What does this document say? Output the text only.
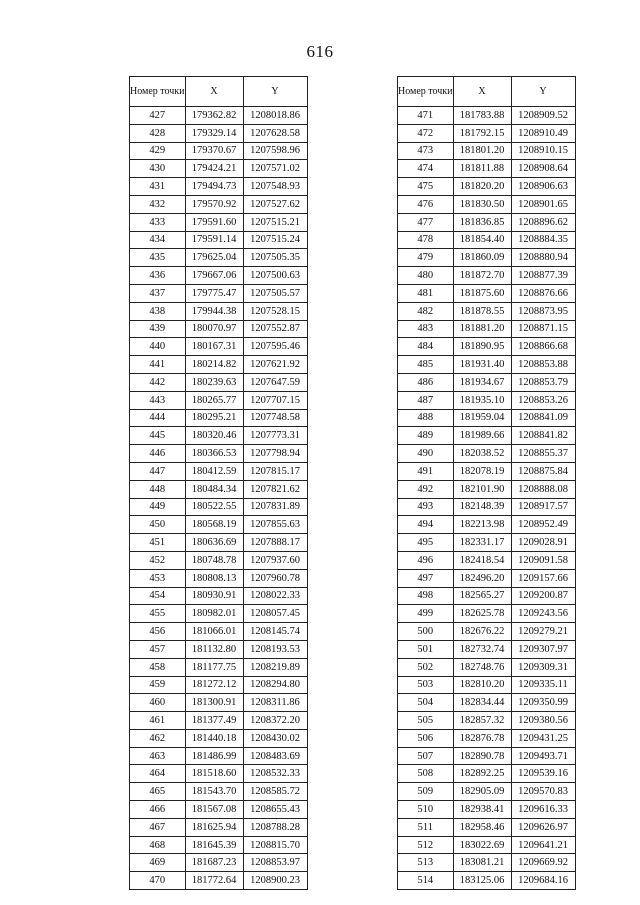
616
Номер точки	X	Y
427	179362.82	1208018.86
428	179329.14	1207628.58
429	179370.67	1207598.96
430	179424.21	1207571.02
431	179494.73	1207548.93
432	179570.92	1207527.62
433	179591.60	1207515.21
434	179591.14	1207515.24
435	179625.04	1207505.35
436	179667.06	1207500.63
437	179775.47	1207505.57
438	179944.38	1207528.15
439	180070.97	1207552.87
440	180167.31	1207595.46
441	180214.82	1207621.92
442	180239.63	1207647.59
443	180265.77	1207707.15
444	180295.21	1207748.58
445	180320.46	1207773.31
446	180366.53	1207798.94
447	180412.59	1207815.17
448	180484.34	1207821.62
449	180522.55	1207831.89
450	180568.19	1207855.63
451	180636.69	1207888.17
452	180748.78	1207937.60
453	180808.13	1207960.78
454	180930.91	1208022.33
455	180982.01	1208057.45
456	181066.01	1208145.74
457	181132.80	1208193.53
458	181177.75	1208219.89
459	181272.12	1208294.80
460	181300.91	1208311.86
461	181377.49	1208372.20
462	181440.18	1208430.02
463	181486.99	1208483.69
464	181518.60	1208532.33
465	181543.70	1208585.72
466	181567.08	1208655.43
467	181625.94	1208788.28
468	181645.39	1208815.70
469	181687.23	1208853.97
470	181772.64	1208900.23
Номер точки	X	Y
471	181783.88	1208909.52
472	181792.15	1208910.49
473	181801.20	1208910.15
474	181811.88	1208908.64
475	181820.20	1208906.63
476	181830.50	1208901.65
477	181836.85	1208896.62
478	181854.40	1208884.35
479	181860.09	1208880.94
480	181872.70	1208877.39
481	181875.60	1208876.66
482	181878.55	1208873.95
483	181881.20	1208871.15
484	181890.95	1208866.68
485	181931.40	1208853.88
486	181934.67	1208853.79
487	181935.10	1208853.26
488	181959.04	1208841.09
489	181989.66	1208841.82
490	182038.52	1208855.37
491	182078.19	1208875.84
492	182101.90	1208888.08
493	182148.39	1208917.57
494	182213.98	1208952.49
495	182331.17	1209028.91
496	182418.54	1209091.58
497	182496.20	1209157.66
498	182565.27	1209200.87
499	182625.78	1209243.56
500	182676.22	1209279.21
501	182732.74	1209307.97
502	182748.76	1209309.31
503	182810.20	1209335.11
504	182834.44	1209350.99
505	182857.32	1209380.56
506	182876.78	1209431.25
507	182890.78	1209493.71
508	182892.25	1209539.16
509	182905.09	1209570.83
510	182938.41	1209616.33
511	182958.46	1209626.97
512	183022.69	1209641.21
513	183081.21	1209669.92
514	183125.06	1209684.16
